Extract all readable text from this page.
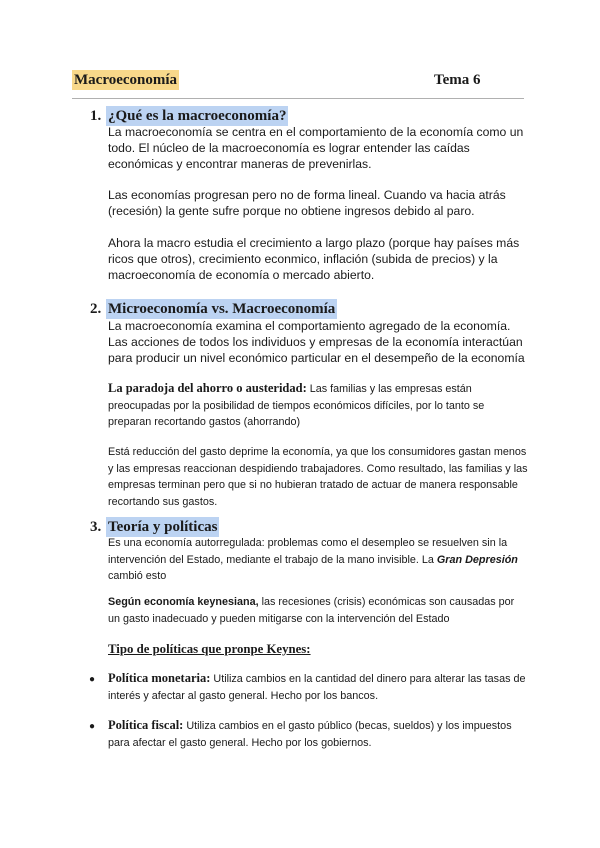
Macroeconomía	Tema 6
1. ¿Qué es la macroeconomía?

La macroeconomía se centra en el comportamiento de la economía como un todo. El núcleo de la macroeconomía es lograr entender las caídas económicas y encontrar maneras de prevenirlas.

Las economías progresan pero no de forma lineal. Cuando va hacia atrás (recesión) la gente sufre porque no obtiene ingresos debido al paro.

Ahora la macro estudia el crecimiento a largo plazo (porque hay países más ricos que otros), crecimiento econmico, inflación (subida de precios) y la macroeconomía de economía o mercado abierto.

2. Microeconomía vs. Macroeconomía

La macroeconomía examina el comportamiento agregado de la economía. Las acciones de todos los individuos y empresas de la economía interactúan para producir un nivel económico particular en el desempeño de la economía

La paradoja del ahorro o austeridad: Las familias y las empresas están preocupadas por la posibilidad de tiempos económicos difíciles, por lo tanto se preparan recortando gastos (ahorrando)

Está reducción del gasto deprime la economía, ya que los consumidores gastan menos y las empresas reaccionan despidiendo trabajadores. Como resultado, las familias y las empresas terminan pero que si no hubieran tratado de actuar de manera responsable recortando sus gastos.

3. Teoría y políticas

Es una economía autorregulada: problemas como el desempleo se resuelven sin la intervención del Estado, mediante el trabajo de la mano invisible. La Gran Depresión cambió esto

Según economía keynesiana, las recesiones (crisis) económicas son causadas por un gasto inadecuado y pueden mitigarse con la intervención del Estado

Tipo de políticas que pronpe Keynes:
● Política monetaria: Utiliza cambios en la cantidad del dinero para alterar las tasas de interés y afectar al gasto general. Hecho por los bancos.

● Política fiscal: Utiliza cambios en el gasto público (becas, sueldos) y los impuestos para afectar el gasto general. Hecho por los gobiernos.
